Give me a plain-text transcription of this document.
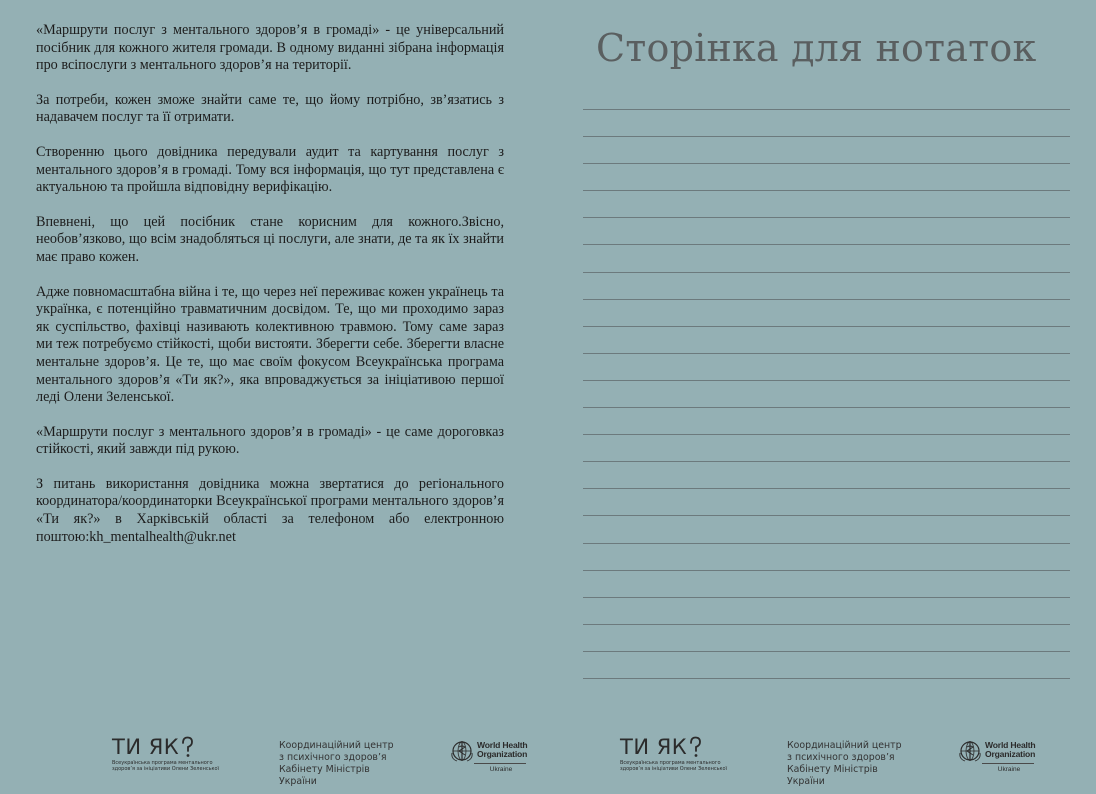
«Маршрути послуг з ментального здоров’я в громаді» - це універсальний посібник для кожного жителя громади. В одному виданні зібрана інформація про всіпослуги з ментального здоров’я на території.

За потреби, кожен зможе знайти саме те, що йому потрібно, зв’язатись з надавачем послуг та її отримати.

Створенню цього довідника передували аудит та картування послуг з ментального здоров’я в громаді. Тому вся інформація, що тут представлена є актуальною та пройшла відповідну верифікацію.

Впевнені, що цей посібник стане корисним для кожного.Звісно, необов’язково, що всім знадобляться ці послуги, але знати, де та як їх знайти має право кожен.

Адже повномасштабна війна і те, що через неї переживає кожен українець та українка, є потенційно травматичним досвідом. Те, що ми проходимо зараз як суспільство, фахівці називають колективною травмою. Тому саме зараз ми теж потребуємо стійкості, щоби вистояти. Зберегти себе. Зберегти власне ментальне здоров’я. Це те, що має своїм фокусом Всеукраїнська програма ментального здоров’я «Ти як?», яка впроваджується за ініціативою першої леді Олени Зеленської.

«Маршрути послуг з ментального здоров’я в громаді» - це саме дороговказ стійкості, який завжди під рукою.

З питань використання довідника можна звертатися до регіонального координатора/координаторки Всеукраїнської програми ментального здоров’я «Ти як?» в Харківській області за телефоном або електронною поштою:kh_mentalhealth@ukr.net

Сторінка для нотаток
ТИ ЯК
Всеукраїнська програма ментального здоров’я за ініціативи Олени Зеленської
Координаційний центр
з психічного здоров’я
Кабінету Міністрів України
World Health
Organization
Ukraine
ТИ ЯК
Всеукраїнська програма ментального здоров’я за ініціативи Олени Зеленської
Координаційний центр
з психічного здоров’я
Кабінету Міністрів України
World Health
Organization
Ukraine
